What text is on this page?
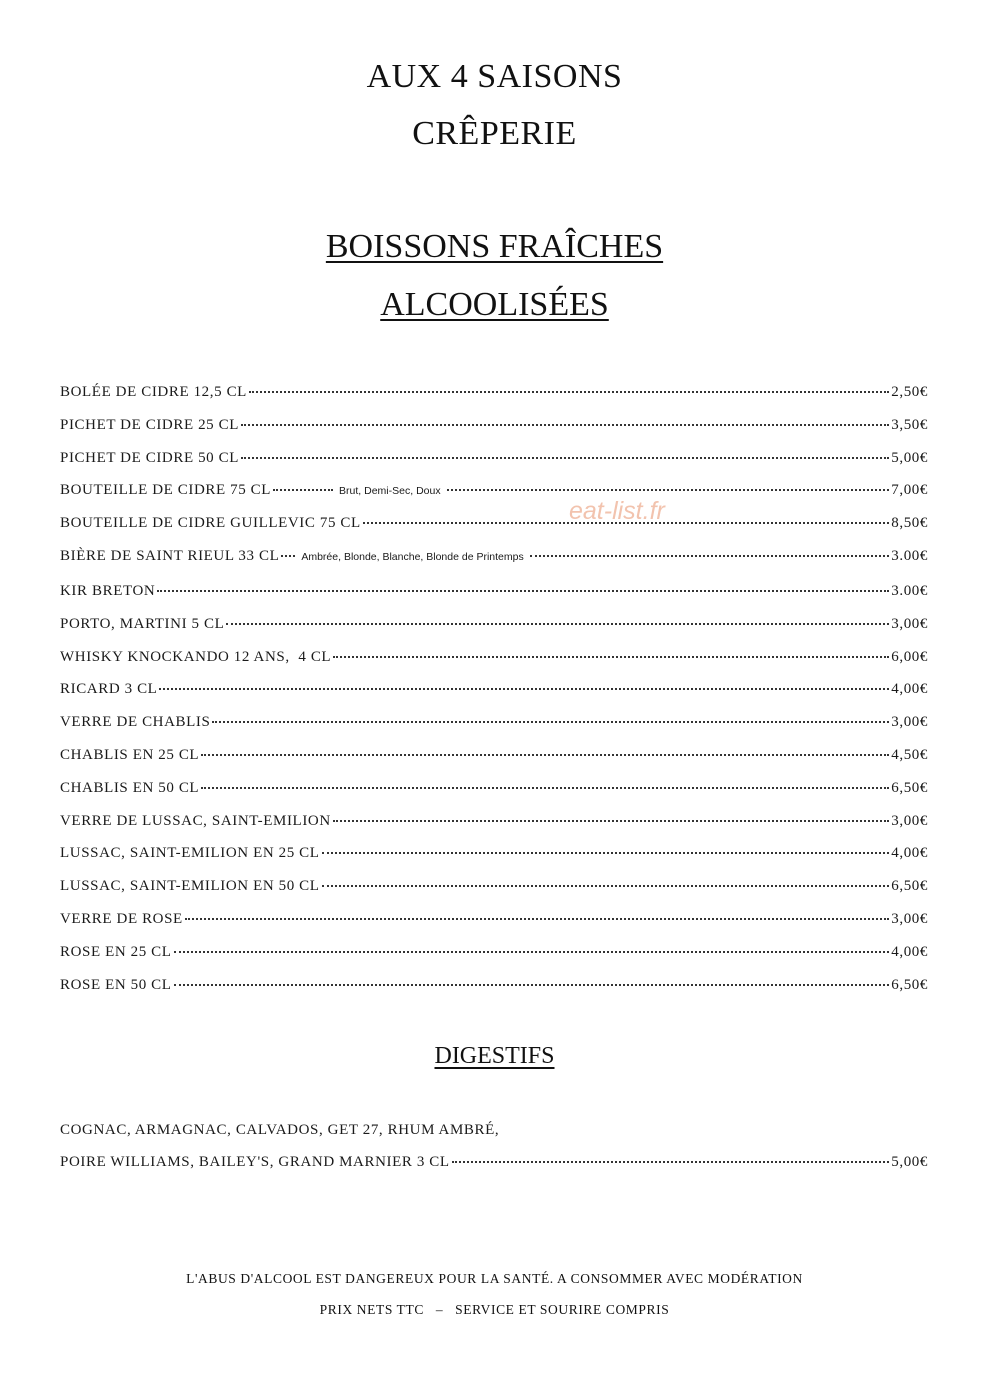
AUX 4 SAISONS
CRÊPERIE
BOISSONS FRAÎCHES
ALCOOLISÉES
BOLÉE DE CIDRE 12,5 CL	2,50€
PICHET DE CIDRE 25 CL	3,50€
PICHET DE CIDRE 50 CL	5,00€
BOUTEILLE DE CIDRE 75 CL	Brut, Demi-Sec, Doux	7,00€
BOUTEILLE DE CIDRE GUILLEVIC 75 CL	8,50€
BIÈRE DE SAINT RIEUL 33 CL Ambrée, Blonde, Blanche, Blonde de Printemps	3.00€
KIR BRETON	3.00€
PORTO, MARTINI 5 CL	3,00€
WHISKY KNOCKANDO 12 ANS,  4 CL	6,00€
RICARD 3 CL	4,00€
VERRE DE CHABLIS	3,00€
CHABLIS EN 25 CL	4,50€
CHABLIS EN 50 CL	6,50€
VERRE DE LUSSAC, SAINT-EMILION	3,00€
LUSSAC, SAINT-EMILION EN 25 CL	4,00€
LUSSAC, SAINT-EMILION EN 50 CL	6,50€
VERRE DE ROSE	3,00€
ROSE EN 25 CL	4,00€
ROSE EN 50 CL	6,50€
eat-list.fr
DIGESTIFS
COGNAC, ARMAGNAC, CALVADOS, GET 27, RHUM AMBRÉ,
POIRE WILLIAMS, BAILEY'S, GRAND MARNIER 3 CL	5,00€
L'ABUS D'ALCOOL EST DANGEREUX POUR LA SANTÉ. A CONSOMMER AVEC MODÉRATION
PRIX NETS TTC   –   SERVICE ET SOURIRE COMPRIS
